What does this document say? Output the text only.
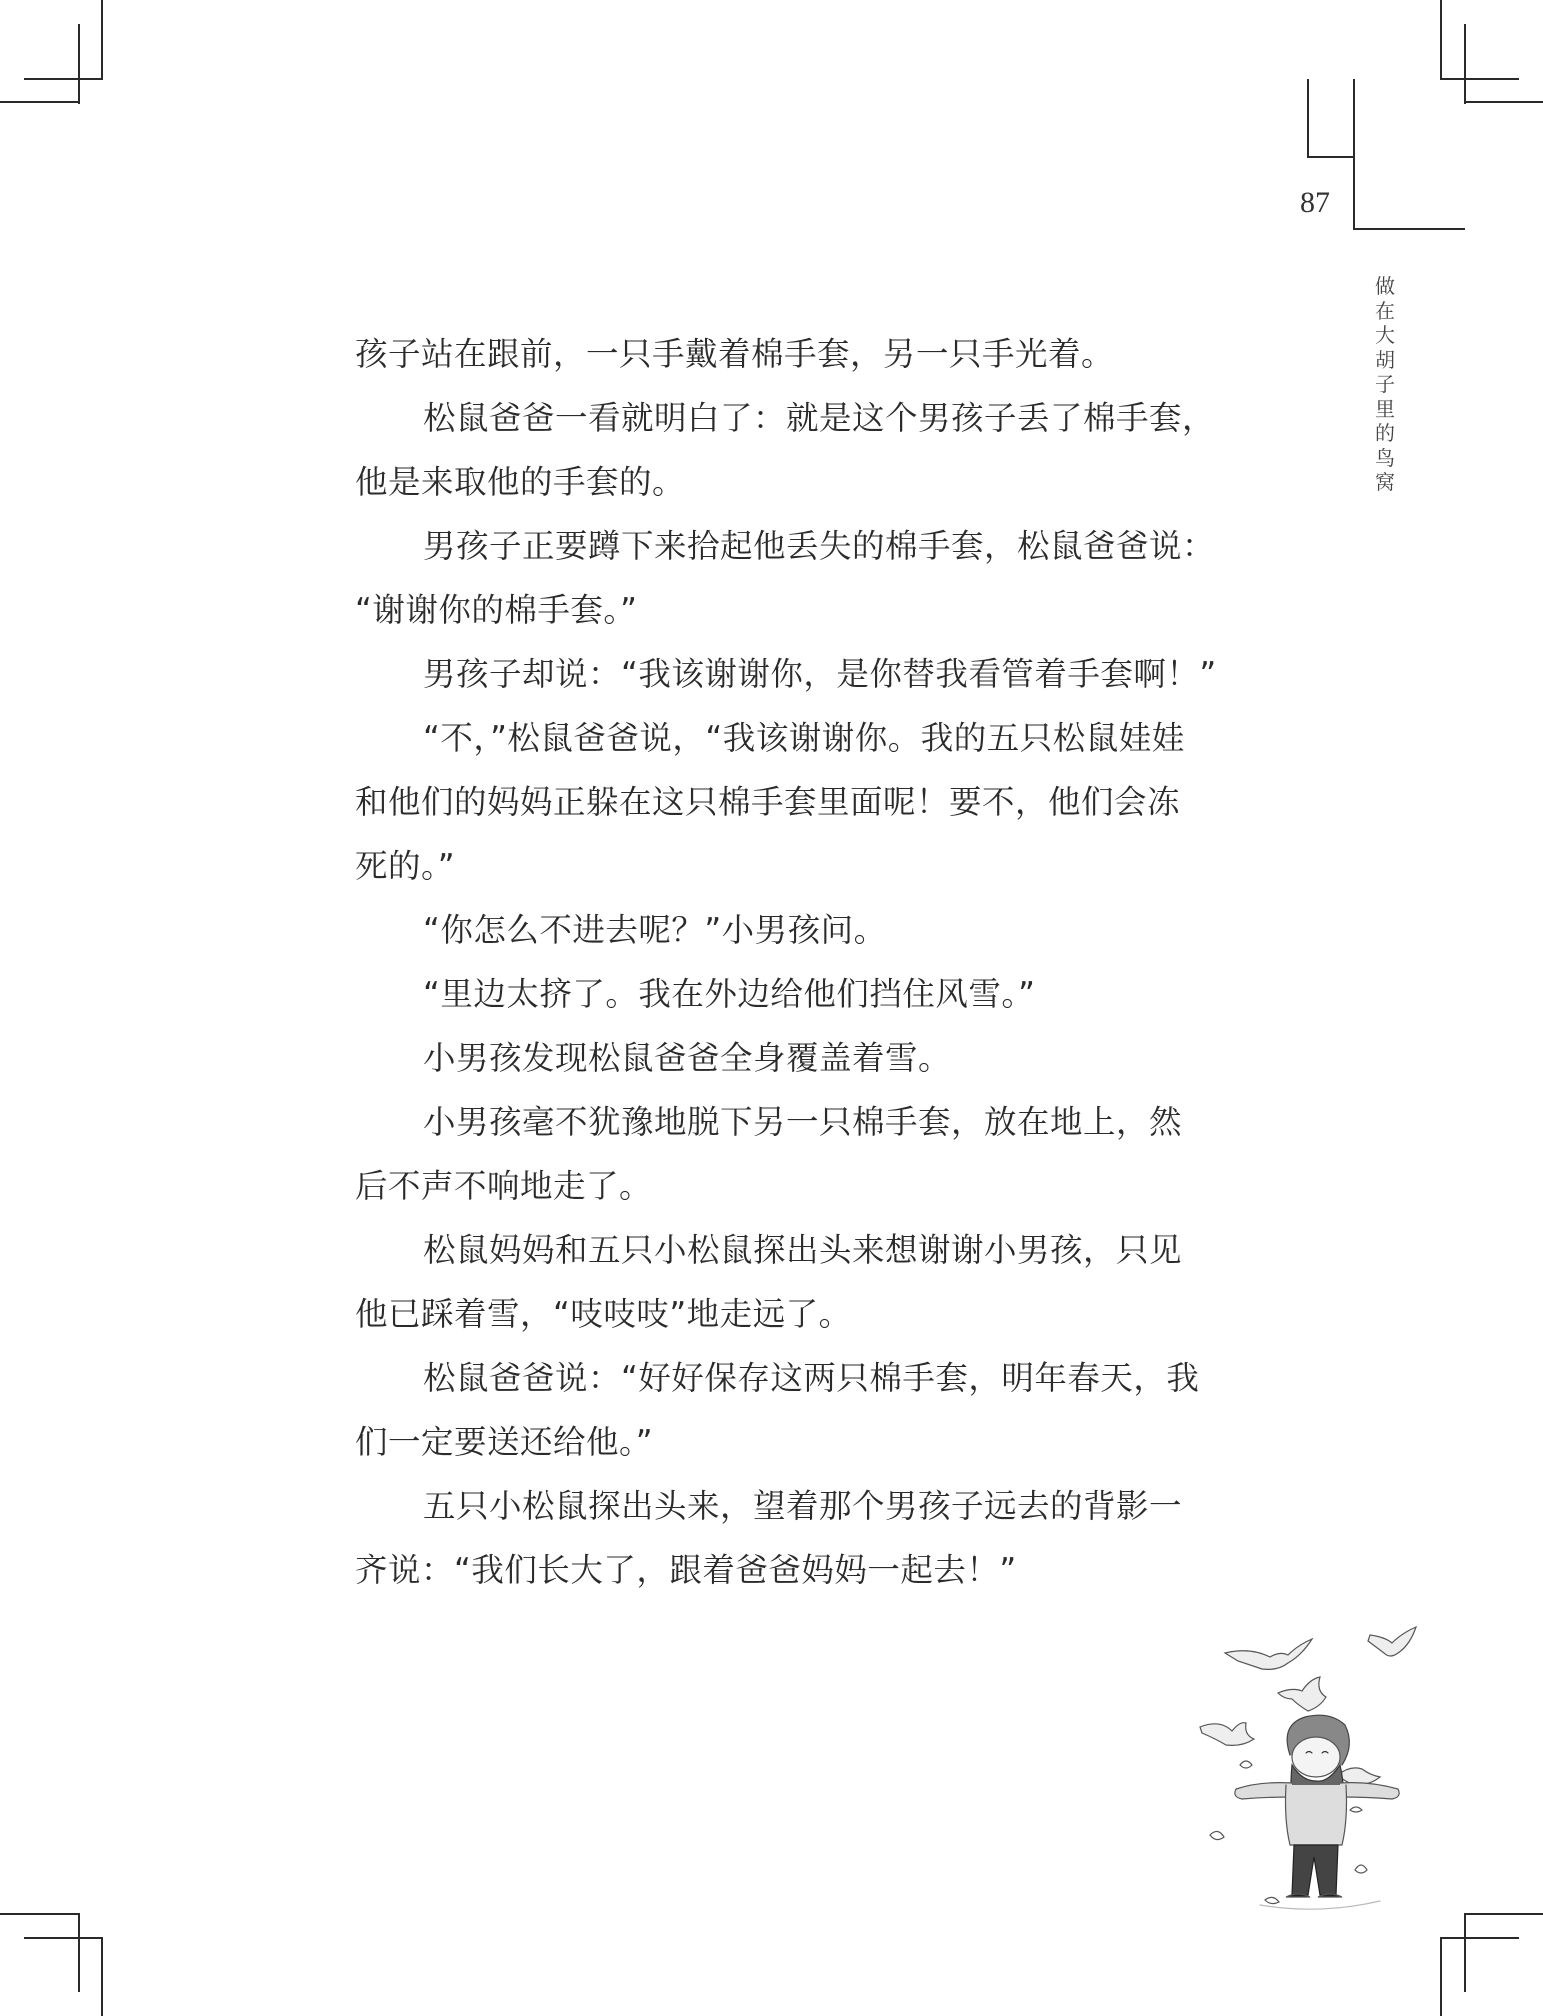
87
做
在
大
胡
子
里
的
鸟
窝
孩子站在跟前，一只手戴着棉手套，另一只手光着。
松鼠爸爸一看就明白了：就是这个男孩子丢了棉手套，
他是来取他的手套的。
男孩子正要蹲下来拾起他丢失的棉手套，松鼠爸爸说：
“谢谢你的棉手套。”
男孩子却说：“我该谢谢你，是你替我看管着手套啊！”
“不，”松鼠爸爸说，“我该谢谢你。我的五只松鼠娃娃
和他们的妈妈正躲在这只棉手套里面呢！要不，他们会冻
死的。”
“你怎么不进去呢？”小男孩问。
“里边太挤了。我在外边给他们挡住风雪。”
小男孩发现松鼠爸爸全身覆盖着雪。
小男孩毫不犹豫地脱下另一只棉手套，放在地上，然
后不声不响地走了。
松鼠妈妈和五只小松鼠探出头来想谢谢小男孩，只见
他已踩着雪，“吱吱吱”地走远了。
松鼠爸爸说：“好好保存这两只棉手套，明年春天，我
们一定要送还给他。”
五只小松鼠探出头来，望着那个男孩子远去的背影一
齐说：“我们长大了，跟着爸爸妈妈一起去！”
